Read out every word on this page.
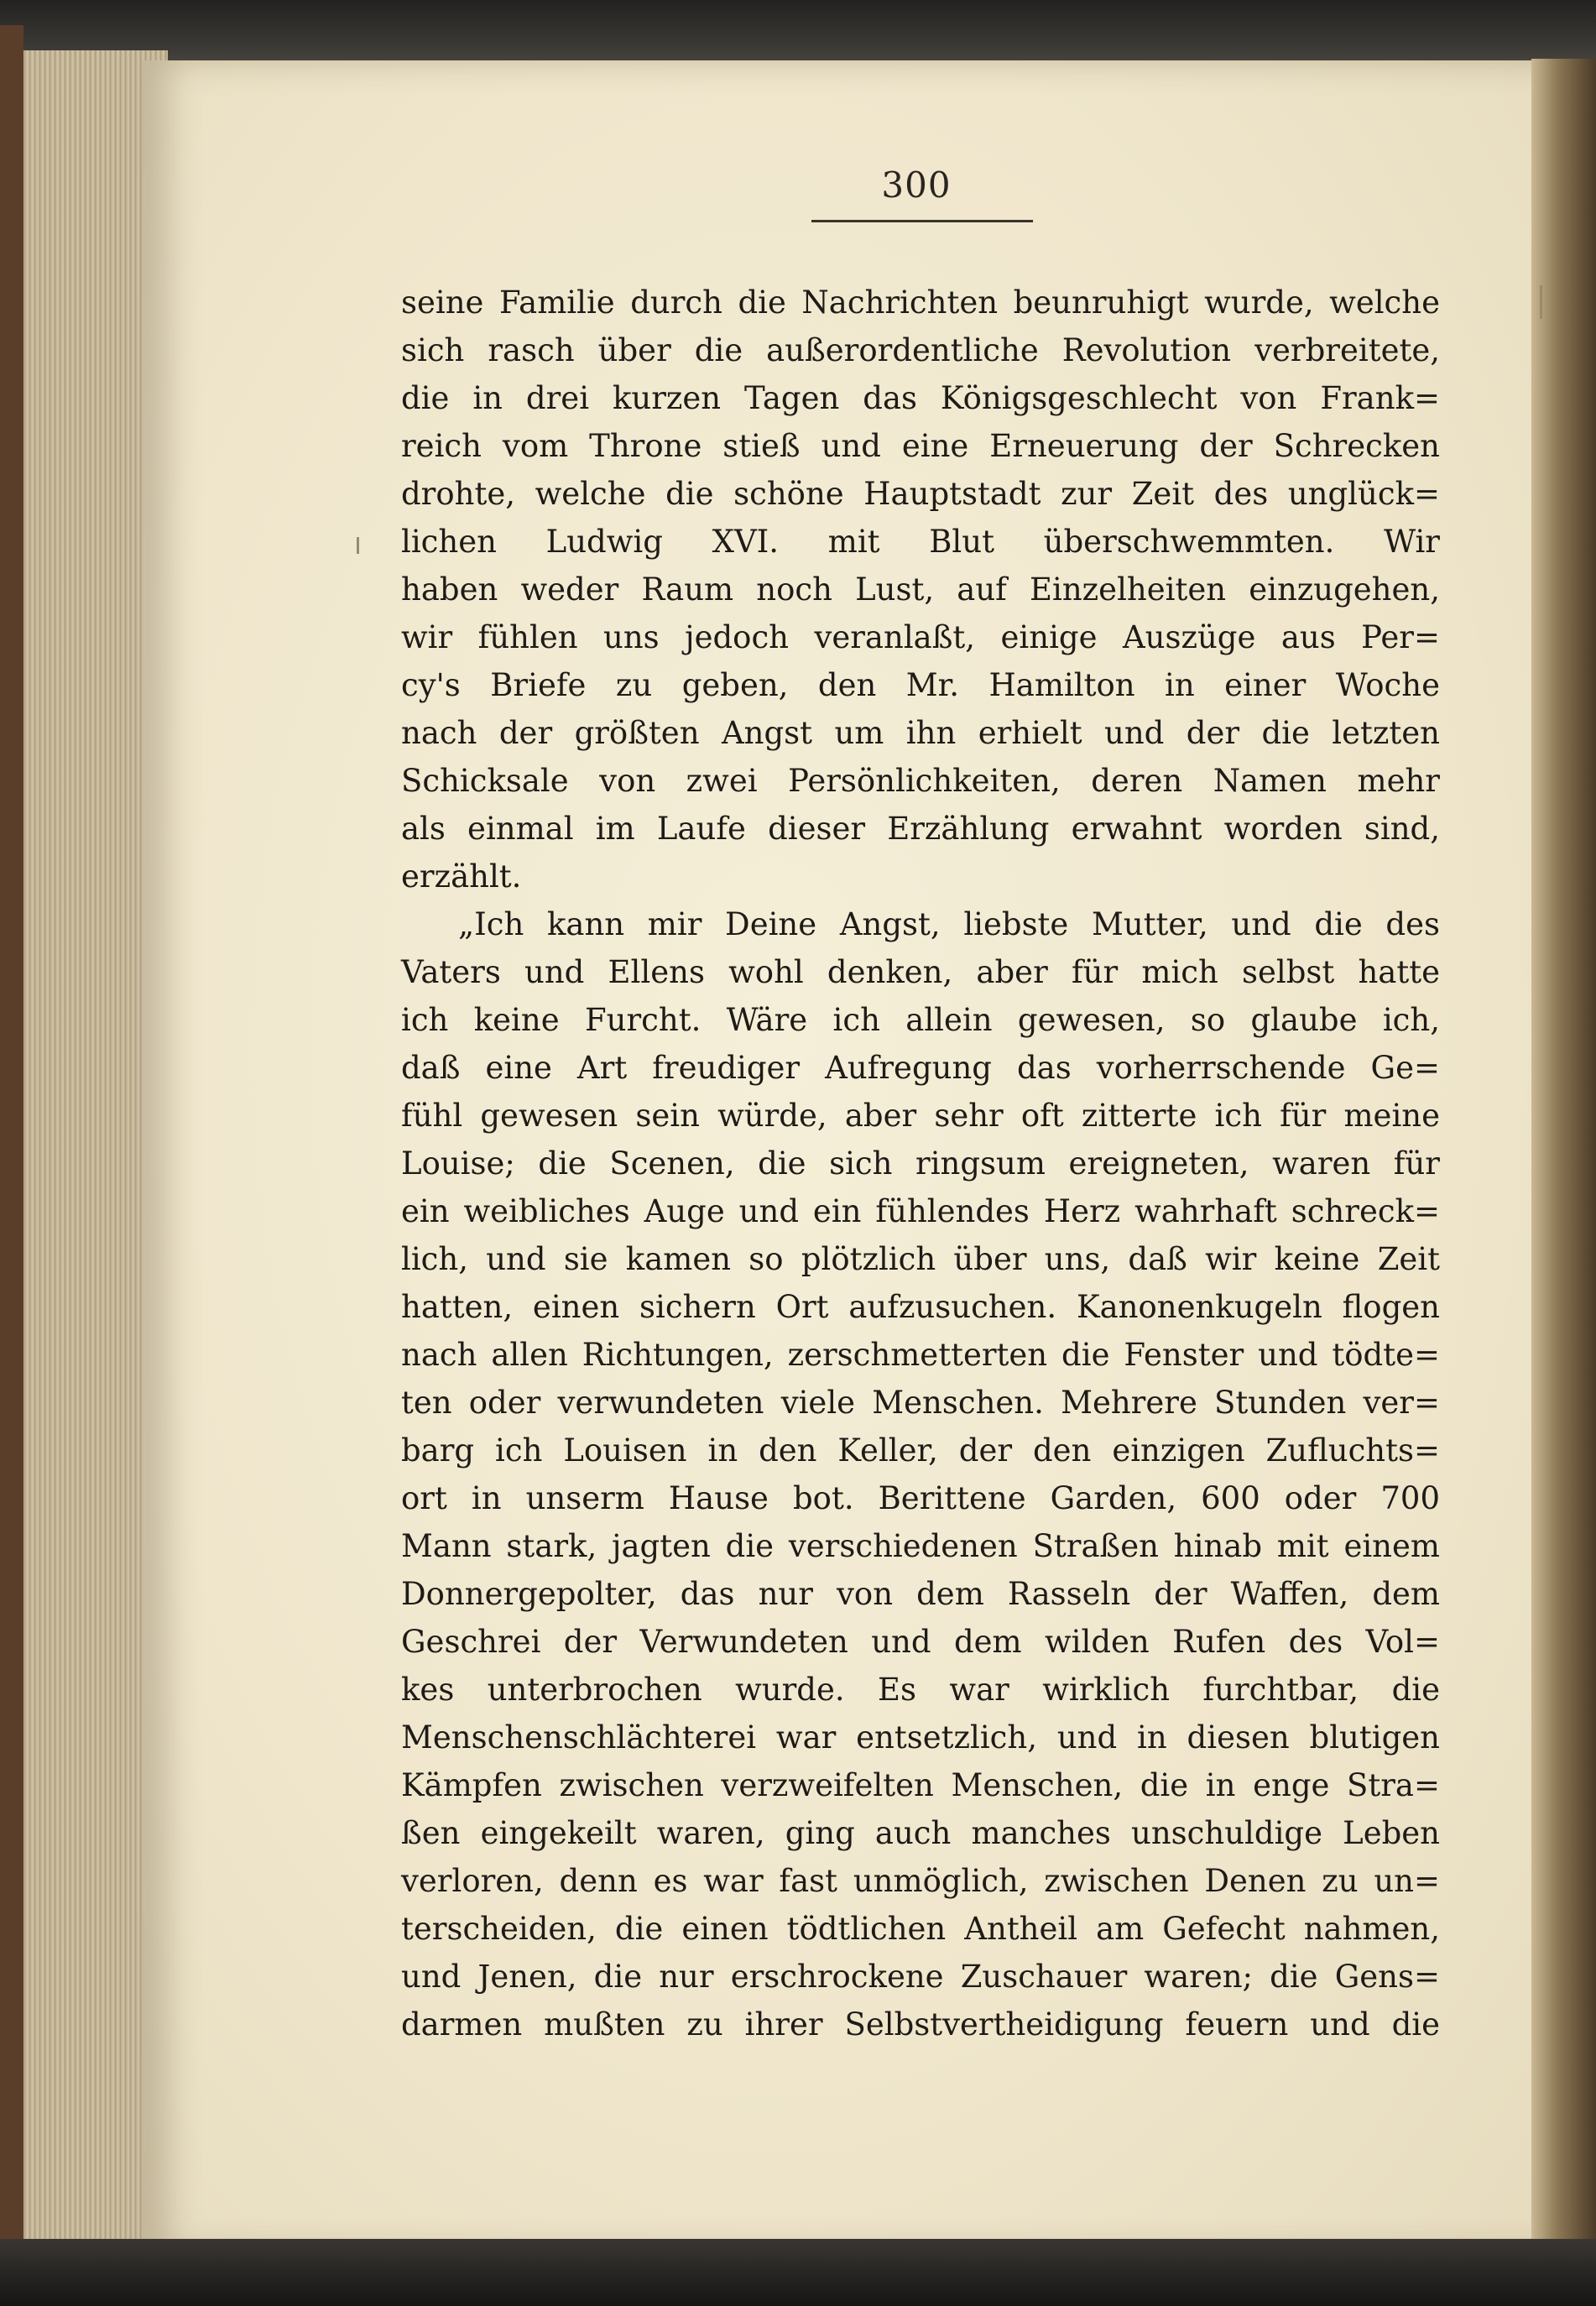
300
seine Familie durch die Nachrichten beunruhigt wurde, welche
sich rasch über die außerordentliche Revolution verbreitete,
die in drei kurzen Tagen das Königsgeschlecht von Frank=
reich vom Throne stieß und eine Erneuerung der Schrecken
drohte, welche die schöne Hauptstadt zur Zeit des unglück=
lichen Ludwig XVI. mit Blut überschwemmten. Wir
haben weder Raum noch Lust, auf Einzelheiten einzugehen,
wir fühlen uns jedoch veranlaßt, einige Auszüge aus Per=
cy's Briefe zu geben, den Mr. Hamilton in einer Woche
nach der größten Angst um ihn erhielt und der die letzten
Schicksale von zwei Persönlichkeiten, deren Namen mehr
als einmal im Laufe dieser Erzählung erwahnt worden sind,
erzählt.
„Ich kann mir Deine Angst, liebste Mutter, und die des
Vaters und Ellens wohl denken, aber für mich selbst hatte
ich keine Furcht. Wäre ich allein gewesen, so glaube ich,
daß eine Art freudiger Aufregung das vorherrschende Ge=
fühl gewesen sein würde, aber sehr oft zitterte ich für meine
Louise; die Scenen, die sich ringsum ereigneten, waren für
ein weibliches Auge und ein fühlendes Herz wahrhaft schreck=
lich, und sie kamen so plötzlich über uns, daß wir keine Zeit
hatten, einen sichern Ort aufzusuchen. Kanonenkugeln flogen
nach allen Richtungen, zerschmetterten die Fenster und tödte=
ten oder verwundeten viele Menschen. Mehrere Stunden ver=
barg ich Louisen in den Keller, der den einzigen Zufluchts=
ort in unserm Hause bot. Berittene Garden, 600 oder 700
Mann stark, jagten die verschiedenen Straßen hinab mit einem
Donnergepolter, das nur von dem Rasseln der Waffen, dem
Geschrei der Verwundeten und dem wilden Rufen des Vol=
kes unterbrochen wurde. Es war wirklich furchtbar, die
Menschenschlächterei war entsetzlich, und in diesen blutigen
Kämpfen zwischen verzweifelten Menschen, die in enge Stra=
ßen eingekeilt waren, ging auch manches unschuldige Leben
verloren, denn es war fast unmöglich, zwischen Denen zu un=
terscheiden, die einen tödtlichen Antheil am Gefecht nahmen,
und Jenen, die nur erschrockene Zuschauer waren; die Gens=
darmen mußten zu ihrer Selbstvertheidigung feuern und die
